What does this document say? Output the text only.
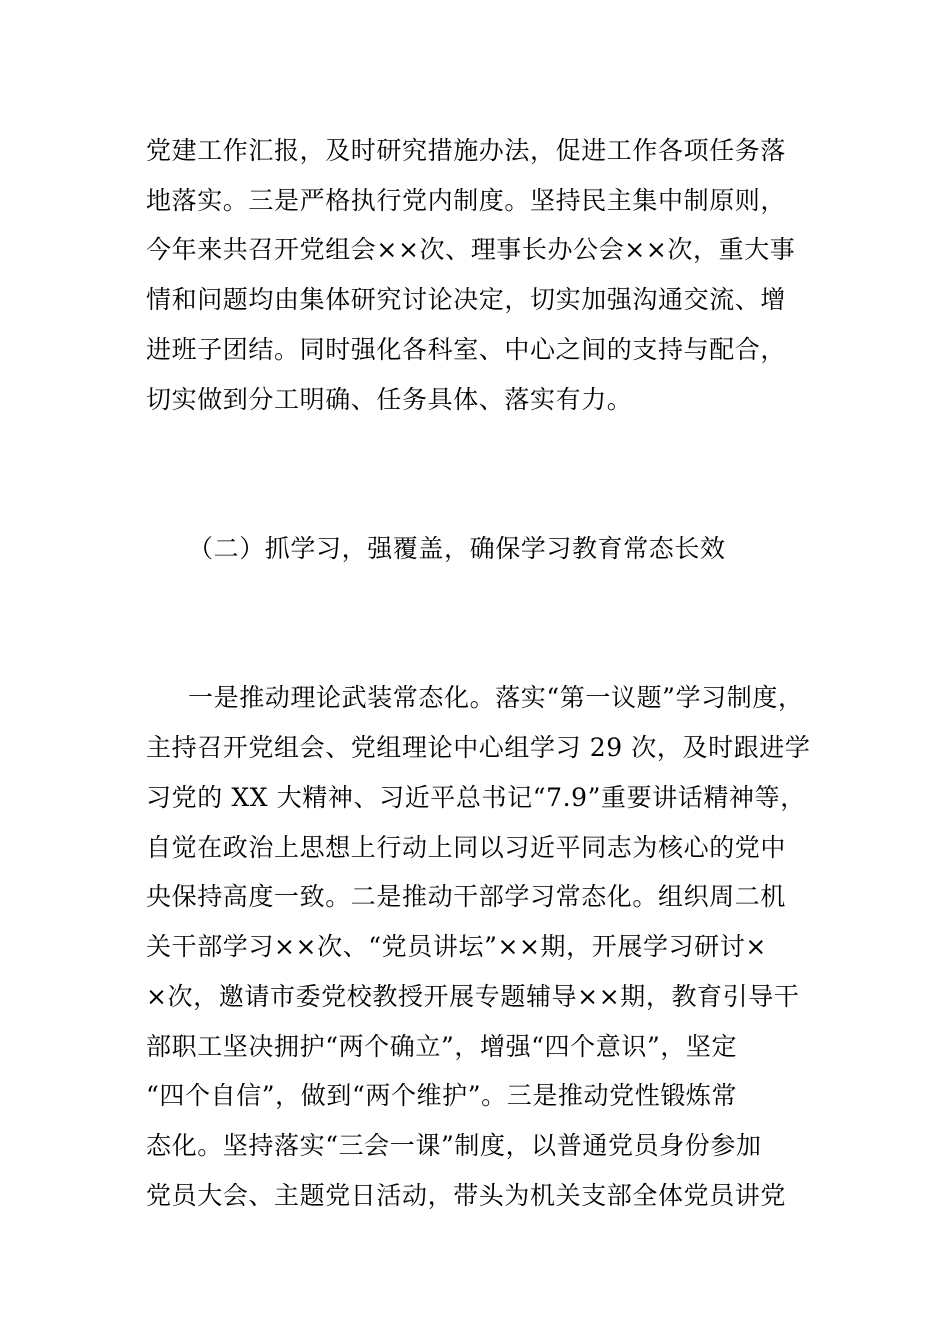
党建工作汇报，及时研究措施办法，促进工作各项任务落
地落实。三是严格执行党内制度。坚持民主集中制原则，
今年来共召开党组会××次、理事长办公会××次，重大事
情和问题均由集体研究讨论决定，切实加强沟通交流、增
进班子团结。同时强化各科室、中心之间的支持与配合，
切实做到分工明确、任务具体、落实有力。
（二）抓学习，强覆盖，确保学习教育常态长效
一是推动理论武装常态化。落实“第一议题”学习制度，
主持召开党组会、党组理论中心组学习 29 次，及时跟进学
习党的 XX 大精神、习近平总书记“7.9”重要讲话精神等，
自觉在政治上思想上行动上同以习近平同志为核心的党中
央保持高度一致。二是推动干部学习常态化。组织周二机
关干部学习××次、“党员讲坛”××期，开展学习研讨×
×次，邀请市委党校教授开展专题辅导××期，教育引导干
部职工坚决拥护“两个确立”，增强“四个意识”，坚定
“四个自信”，做到“两个维护”。三是推动党性锻炼常
态化。坚持落实“三会一课”制度，以普通党员身份参加
党员大会、主题党日活动，带头为机关支部全体党员讲党
